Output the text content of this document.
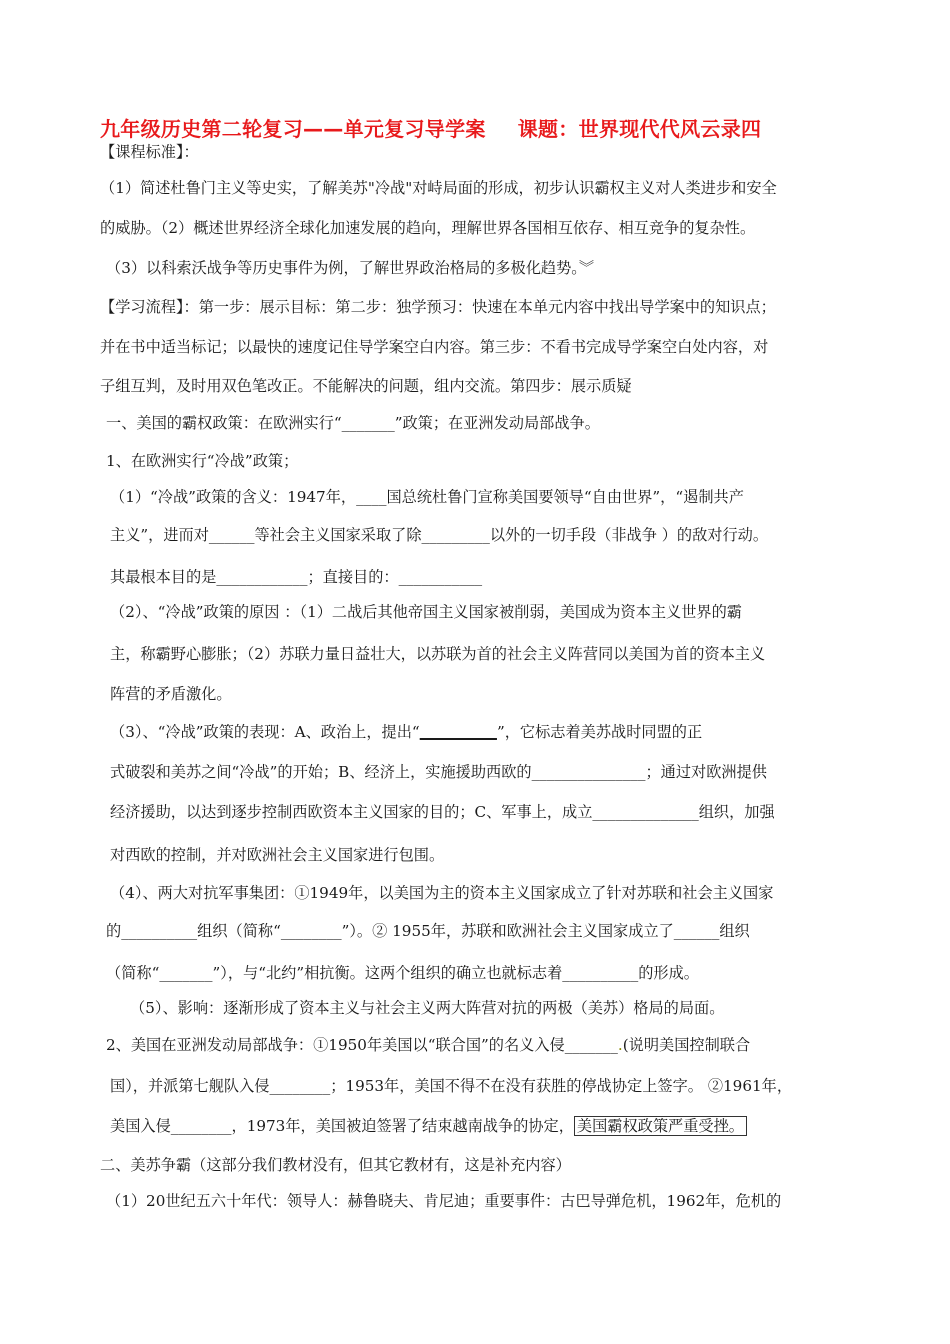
九年级历史第二轮复习——单元复习导学案 课题：世界现代代风云录四
【课程标准】：
（1）简述杜鲁门主义等史实，了解美苏"冷战"对峙局面的形成，初步认识霸权主义对人类进步和安全
的威胁。（2）概述世界经济全球化加速发展的趋向，理解世界各国相互依存、相互竞争的复杂性。
（3）以科索沃战争等历史事件为例，了解世界政治格局的多极化趋势。︾
【学习流程】：第一步：展示目标：第二步：独学预习：快速在本单元内容中找出导学案中的知识点；
并在书中适当标记；以最快的速度记住导学案空白内容。第三步：不看书完成导学案空白处内容，对
子组互判，及时用双色笔改正。不能解决的问题，组内交流。第四步：展示质疑
一、美国的霸权政策：在欧洲实行“_______”政策；在亚洲发动局部战争。
1、在欧洲实行“冷战”政策；
（1）“冷战”政策的含义：1947年，____国总统杜鲁门宣称美国要领导“自由世界”，“遏制共产
主义”，进而对______等社会主义国家采取了除_________以外的一切手段（非战争 ）的敌对行动。
其最根本目的是____________；直接目的：___________
（2）、“冷战”政策的原因 ：（1）二战后其他帝国主义国家被削弱，美国成为资本主义世界的霸
主，称霸野心膨胀；（2）苏联力量日益壮大，以苏联为首的社会主义阵营同以美国为首的资本主义
阵营的矛盾激化。
（3）、“冷战”政策的表现：A、政治上，提出“	”，它标志着美苏战时同盟的正
式破裂和美苏之间“冷战”的开始；B、经济上，实施援助西欧的_______________；通过对欧洲提供
经济援助，以达到逐步控制西欧资本主义国家的目的；C、军事上，成立______________组织，加强
对西欧的控制，并对欧洲社会主义国家进行包围。
（4）、两大对抗军事集团：①1949年，以美国为主的资本主义国家成立了针对苏联和社会主义国家
的__________组织（简称“________”）。② 1955年，苏联和欧洲社会主义国家成立了______组织
（简称“_______”），与“北约”相抗衡。这两个组织的确立也就标志着__________的形成。
（5）、影响：逐渐形成了资本主义与社会主义两大阵营对抗的两极（美苏）格局的局面。
2、美国在亚洲发动局部战争：①1950年美国以“联合国”的名义入侵_______.(说明美国控制联合
国），并派第七舰队入侵________；1953年，美国不得不在没有获胜的停战协定上签字。 ②1961年，
美国入侵________，1973年，美国被迫签署了结束越南战争的协定， 美国霸权政策严重受挫。
二、美苏争霸（这部分我们教材没有，但其它教材有，这是补充内容）
（1）20世纪五六十年代：领导人：赫鲁晓夫、肯尼迪；重要事件：古巴导弹危机，1962年，危机的
